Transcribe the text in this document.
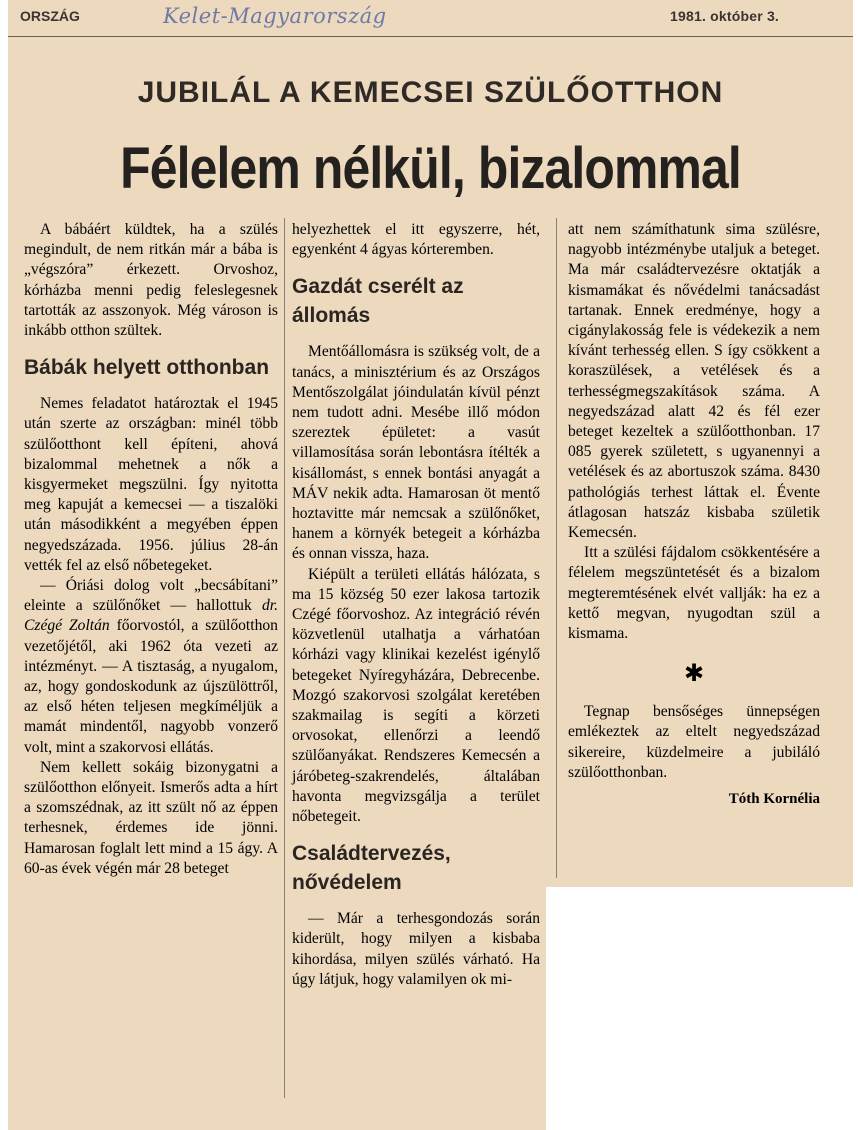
ORSZÁG	Kelet-Magyarország	1981. október 3.
JUBILÁL A KEMECSEI SZÜLŐOTTHON
Félelem nélkül, bizalommal

A bábáért küldtek, ha a szülés megindult, de nem ritkán már a bába is „végszóra” érkezett. Orvoshoz, kórházba menni pedig feleslegesnek tartották az asszonyok. Még városon is inkább otthon szültek.

Bábák helyett otthonban

Nemes feladatot határoztak el 1945 után szerte az országban: minél több szülőotthont kell építeni, ahová bizalommal mehetnek a nők a kisgyermeket megszülni. Így nyitotta meg kapuját a kemecsei — a tiszalöki után másodikként a megyében éppen negyedszázada. 1956. július 28-án vették fel az első nőbetegeket.

— Óriási dolog volt „becsábítani” eleinte a szülőnőket — hallottuk dr. Czégé Zoltán főorvostól, a szülőotthon vezetőjétől, aki 1962 óta vezeti az intézményt. — A tisztaság, a nyugalom, az, hogy gondoskodunk az újszülöttről, az első héten teljesen megkíméljük a mamát mindentől, nagyobb vonzerő volt, mint a szakorvosi ellátás.

Nem kellett sokáig bizonygatni a szülőotthon előnyeit. Ismerős adta a hírt a szomszédnak, az itt szült nő az éppen terhesnek, érdemes ide jönni. Hamarosan foglalt lett mind a 15 ágy. A 60-as évek végén már 28 beteget

helyezhettek el itt egyszerre, hét, egyenként 4 ágyas kórteremben.

Gazdát cserélt az állomás

Mentőállomásra is szükség volt, de a tanács, a minisztérium és az Országos Mentőszolgálat jóindulatán kívül pénzt nem tudott adni. Mesébe illő módon szereztek épületet: a vasút villamosítása során lebontásra ítélték a kisállomást, s ennek bontási anyagát a MÁV nekik adta. Hamarosan öt mentő hoztavitte már nemcsak a szülőnőket, hanem a környék betegeit a kórházba és onnan vissza, haza.

Kiépült a területi ellátás hálózata, s ma 15 község 50 ezer lakosa tartozik Czégé főorvoshoz. Az integráció révén közvetlenül utalhatja a várhatóan kórházi vagy klinikai kezelést igénylő betegeket Nyíregyházára, Debrecenbe. Mozgó szakorvosi szolgálat keretében szakmailag is segíti a körzeti orvosokat, ellenőrzi a leendő szülőanyákat. Rendszeres Kemecsén a járóbeteg-szakrendelés, általában havonta megvizsgálja a terület nőbetegeit.

Családtervezés, nővédelem

— Már a terhesgondozás során kiderült, hogy milyen a kisbaba kihordása, milyen szülés várható. Ha úgy látjuk, hogy valamilyen ok mi-

att nem számíthatunk sima szülésre, nagyobb intézménybe utaljuk a beteget. Ma már családtervezésre oktatják a kismamákat és nővédelmi tanácsadást tartanak. Ennek eredménye, hogy a cigánylakosság fele is védekezik a nem kívánt terhesség ellen. S így csökkent a koraszülések, a vetélések és a terhességmegszakítások száma. A negyedszázad alatt 42 és fél ezer beteget kezeltek a szülőotthonban. 17 085 gyerek született, s ugyanennyi a vetélések és az abortuszok száma. 8430 pathológiás terhest láttak el. Évente átlagosan hatszáz kisbaba születik Kemecsén.

Itt a szülési fájdalom csökkentésére a félelem megszüntetését és a bizalom megteremtésének elvét vallják: ha ez a kettő megvan, nyugodtan szül a kismama.

✱

Tegnap bensőséges ünnepségen emlékeztek az eltelt negyedszázad sikereire, küzdelmeire a jubiláló szülőotthonban.

Tóth Kornélia
